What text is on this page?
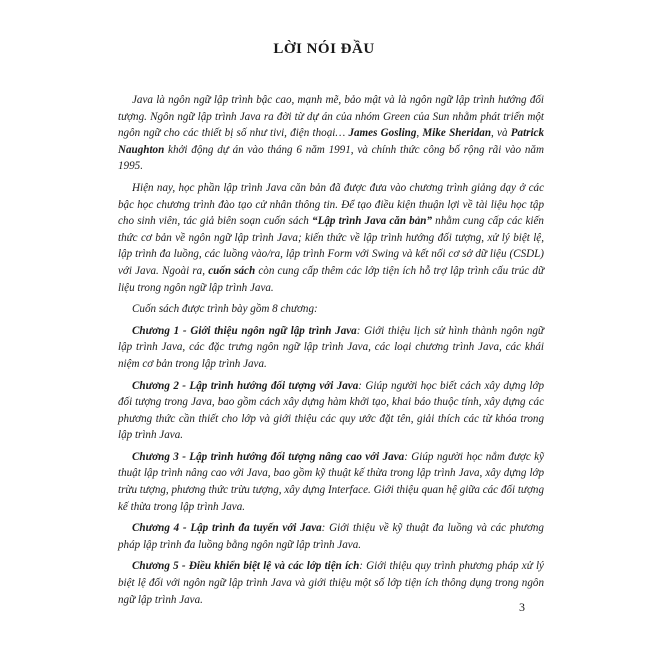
LỜI NÓI ĐẦU

Java là ngôn ngữ lập trình bậc cao, mạnh mẽ, bảo mật và là ngôn ngữ lập trình hướng đối tượng. Ngôn ngữ lập trình Java ra đời từ dự án của nhóm Green của Sun nhằm phát triển một ngôn ngữ cho các thiết bị số như tivi, điện thoại… James Gosling, Mike Sheridan, và Patrick Naughton khởi động dự án vào tháng 6 năm 1991, và chính thức công bố rộng rãi vào năm 1995.

Hiện nay, học phần lập trình Java căn bản đã được đưa vào chương trình giảng dạy ở các bậc học chương trình đào tạo cử nhân thông tin. Để tạo điều kiện thuận lợi về tài liệu học tập cho sinh viên, tác giả biên soạn cuốn sách “Lập trình Java căn bản” nhằm cung cấp các kiến thức cơ bản về ngôn ngữ lập trình Java; kiến thức về lập trình hướng đối tượng, xử lý biệt lệ, lập trình đa luồng, các luồng vào/ra, lập trình Form với Swing và kết nối cơ sở dữ liệu (CSDL) với Java. Ngoài ra, cuốn sách còn cung cấp thêm các lớp tiện ích hỗ trợ lập trình cấu trúc dữ liệu trong ngôn ngữ lập trình Java.

Cuốn sách được trình bày gồm 8 chương:

Chương 1 - Giới thiệu ngôn ngữ lập trình Java: Giới thiệu lịch sử hình thành ngôn ngữ lập trình Java, các đặc trưng ngôn ngữ lập trình Java, các loại chương trình Java, các khái niệm cơ bản trong lập trình Java.

Chương 2 - Lập trình hướng đối tượng với Java: Giúp người học biết cách xây dựng lớp đối tượng trong Java, bao gồm cách xây dựng hàm khởi tạo, khai báo thuộc tính, xây dựng các phương thức cần thiết cho lớp và giới thiệu các quy ước đặt tên, giải thích các từ khóa trong lập trình Java.

Chương 3 - Lập trình hướng đối tượng nâng cao với Java: Giúp người học nắm được kỹ thuật lập trình nâng cao với Java, bao gồm kỹ thuật kế thừa trong lập trình Java, xây dựng lớp trừu tượng, phương thức trừu tượng, xây dựng Interface. Giới thiệu quan hệ giữa các đối tượng kế thừa trong lập trình Java.

Chương 4 - Lập trình đa tuyến với Java: Giới thiệu về kỹ thuật đa luồng và các phương pháp lập trình đa luồng bằng ngôn ngữ lập trình Java.

Chương 5 - Điều khiển biệt lệ và các lớp tiện ích: Giới thiệu quy trình phương pháp xử lý biệt lệ đối với ngôn ngữ lập trình Java và giới thiệu một số lớp tiện ích thông dụng trong ngôn ngữ lập trình Java.

3
